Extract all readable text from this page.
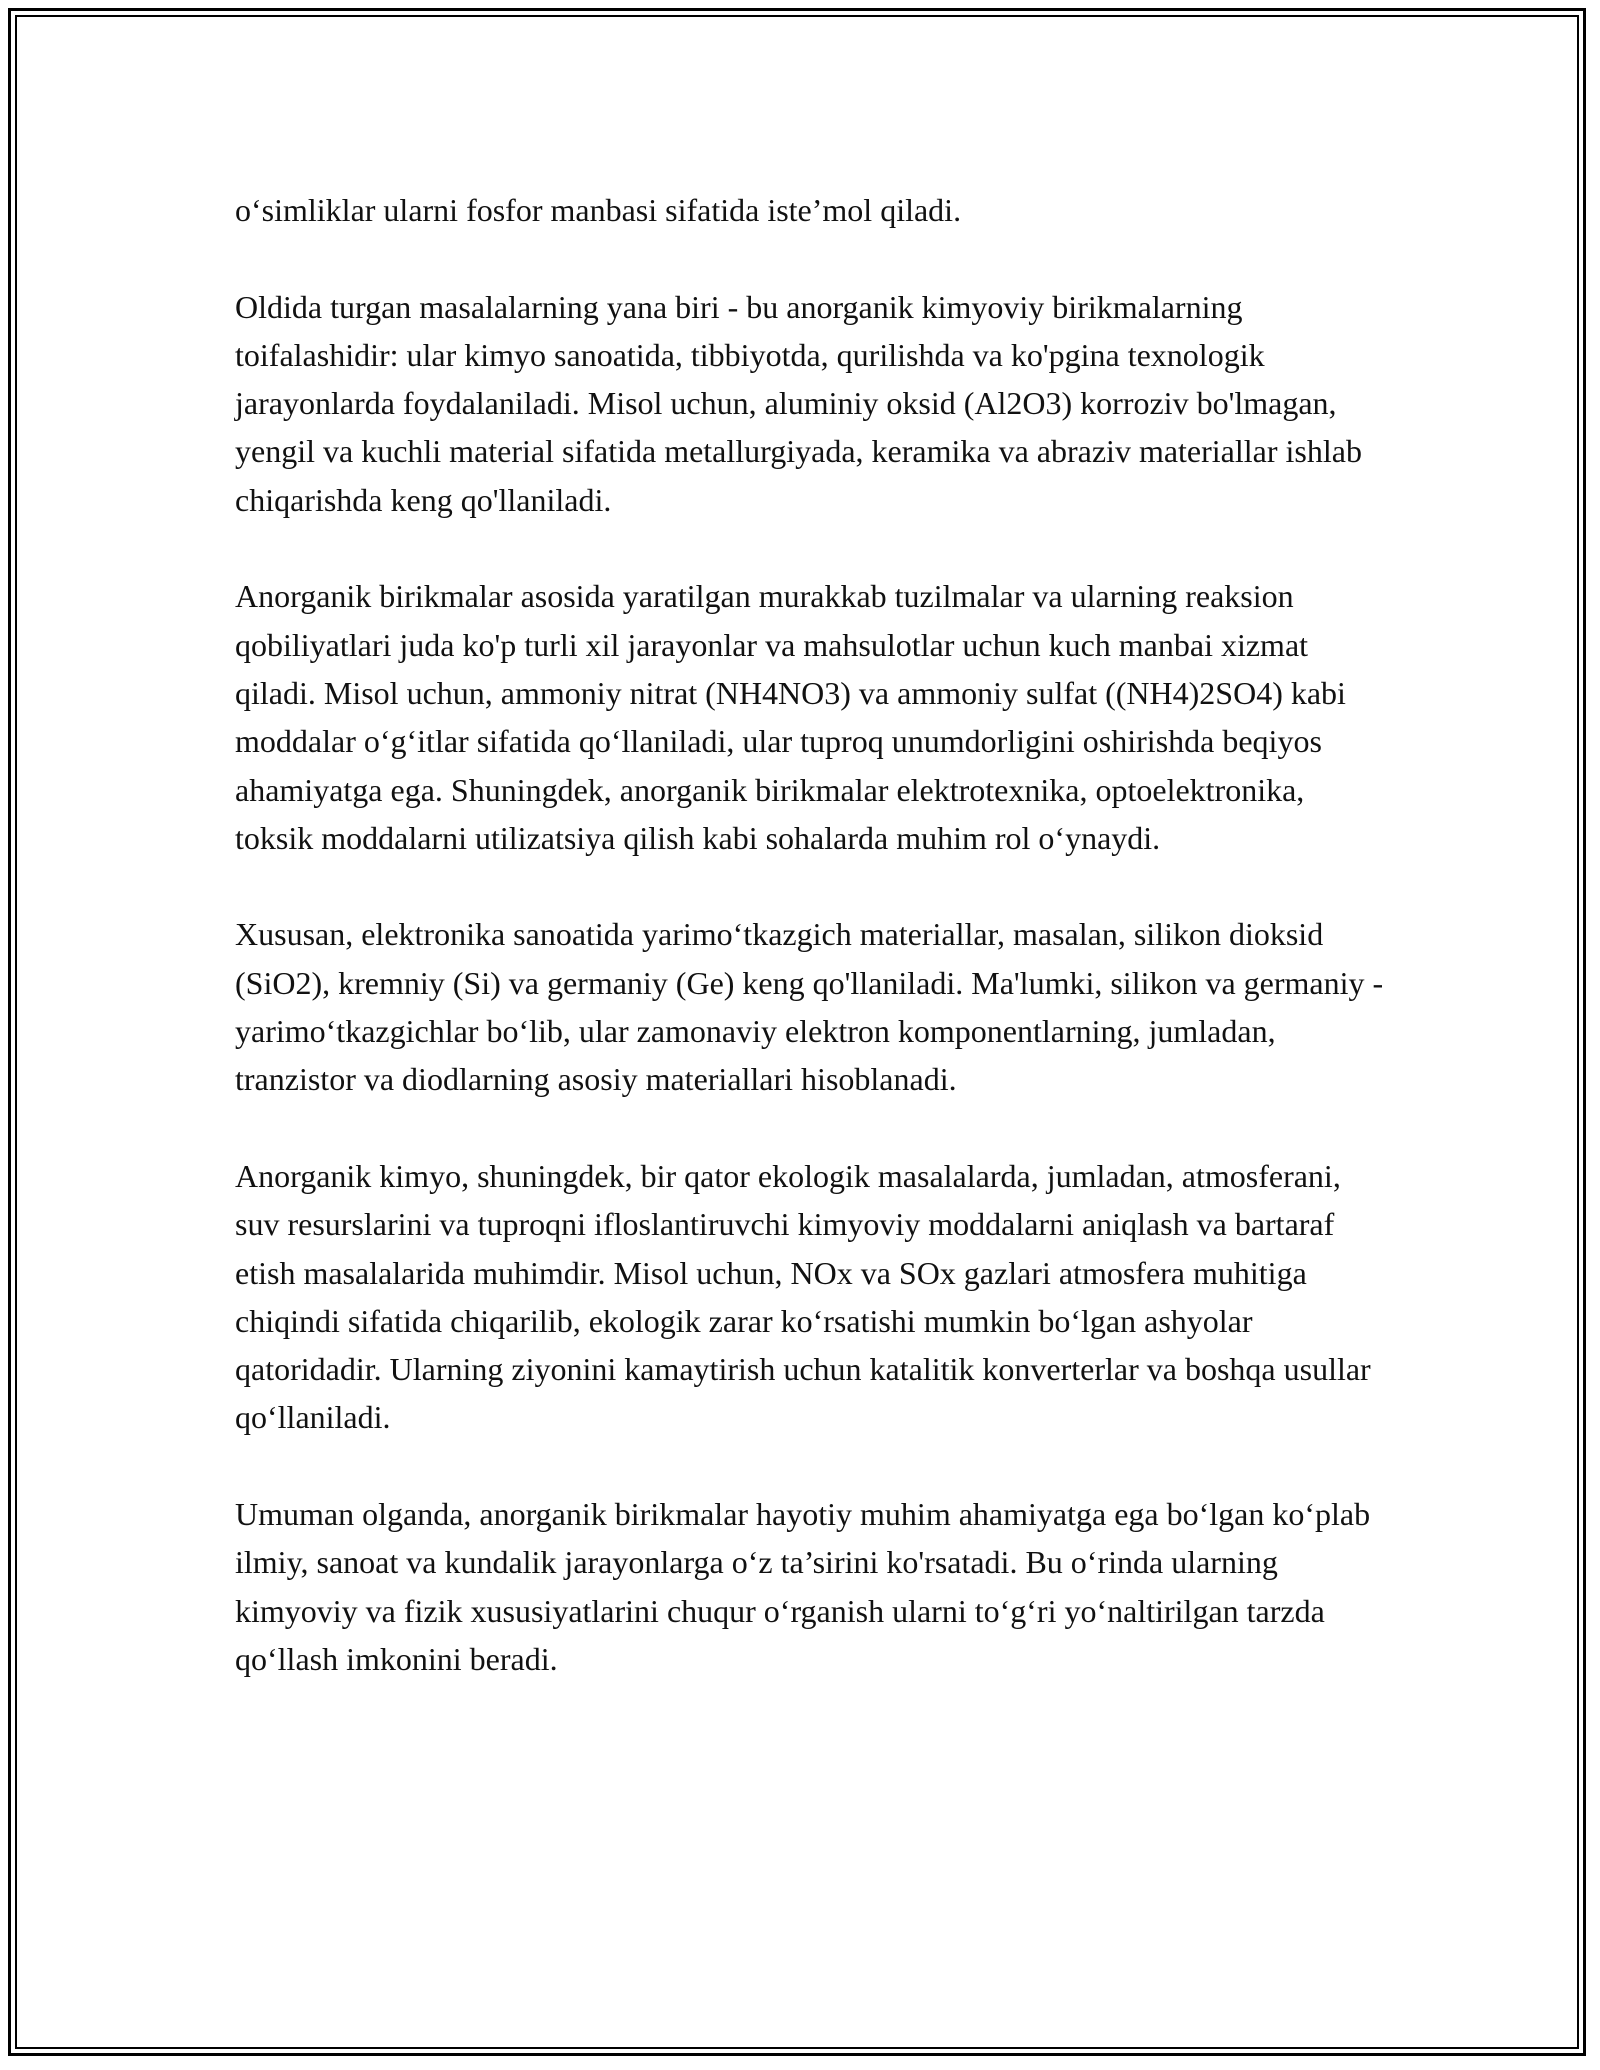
o‘simliklar ularni fosfor manbasi sifatida iste’mol qiladi.

Oldida turgan masalalarning yana biri - bu anorganik kimyoviy birikmalarning toifalashidir: ular kimyo sanoatida, tibbiyotda, qurilishda va ko'pgina texnologik jarayonlarda foydalaniladi. Misol uchun, aluminiy oksid (Al2O3) korroziv bo'lmagan, yengil va kuchli material sifatida metallurgiyada, keramika va abraziv materiallar ishlab chiqarishda keng qo'llaniladi.

Anorganik birikmalar asosida yaratilgan murakkab tuzilmalar va ularning reaksion qobiliyatlari juda ko'p turli xil jarayonlar va mahsulotlar uchun kuch manbai xizmat qiladi. Misol uchun, ammoniy nitrat (NH4NO3) va ammoniy sulfat ((NH4)2SO4) kabi moddalar o‘g‘itlar sifatida qo‘llaniladi, ular tuproq unumdorligini oshirishda beqiyos ahamiyatga ega. Shuningdek, anorganik birikmalar elektrotexnika, optoelektronika, toksik moddalarni utilizatsiya qilish kabi sohalarda muhim rol o‘ynaydi.

Xususan, elektronika sanoatida yarimo‘tkazgich materiallar, masalan, silikon dioksid (SiO2), kremniy (Si) va germaniy (Ge) keng qo'llaniladi. Ma'lumki, silikon va germaniy - yarimo‘tkazgichlar bo‘lib, ular zamonaviy elektron komponentlarning, jumladan, tranzistor va diodlarning asosiy materiallari hisoblanadi.

Anorganik kimyo, shuningdek, bir qator ekologik masalalarda, jumladan, atmosferani, suv resurslarini va tuproqni ifloslantiruvchi kimyoviy moddalarni aniqlash va bartaraf etish masalalarida muhimdir. Misol uchun, NOx va SOx gazlari atmosfera muhitiga chiqindi sifatida chiqarilib, ekologik zarar ko‘rsatishi mumkin bo‘lgan ashyolar qatoridadir. Ularning ziyonini kamaytirish uchun katalitik konverterlar va boshqa usullar qo‘llaniladi.

Umuman olganda, anorganik birikmalar hayotiy muhim ahamiyatga ega bo‘lgan ko‘plab ilmiy, sanoat va kundalik jarayonlarga o‘z ta’sirini ko'rsatadi. Bu o‘rinda ularning kimyoviy va fizik xususiyatlarini chuqur o‘rganish ularni to‘g‘ri yo‘naltirilgan tarzda qo‘llash imkonini beradi.
